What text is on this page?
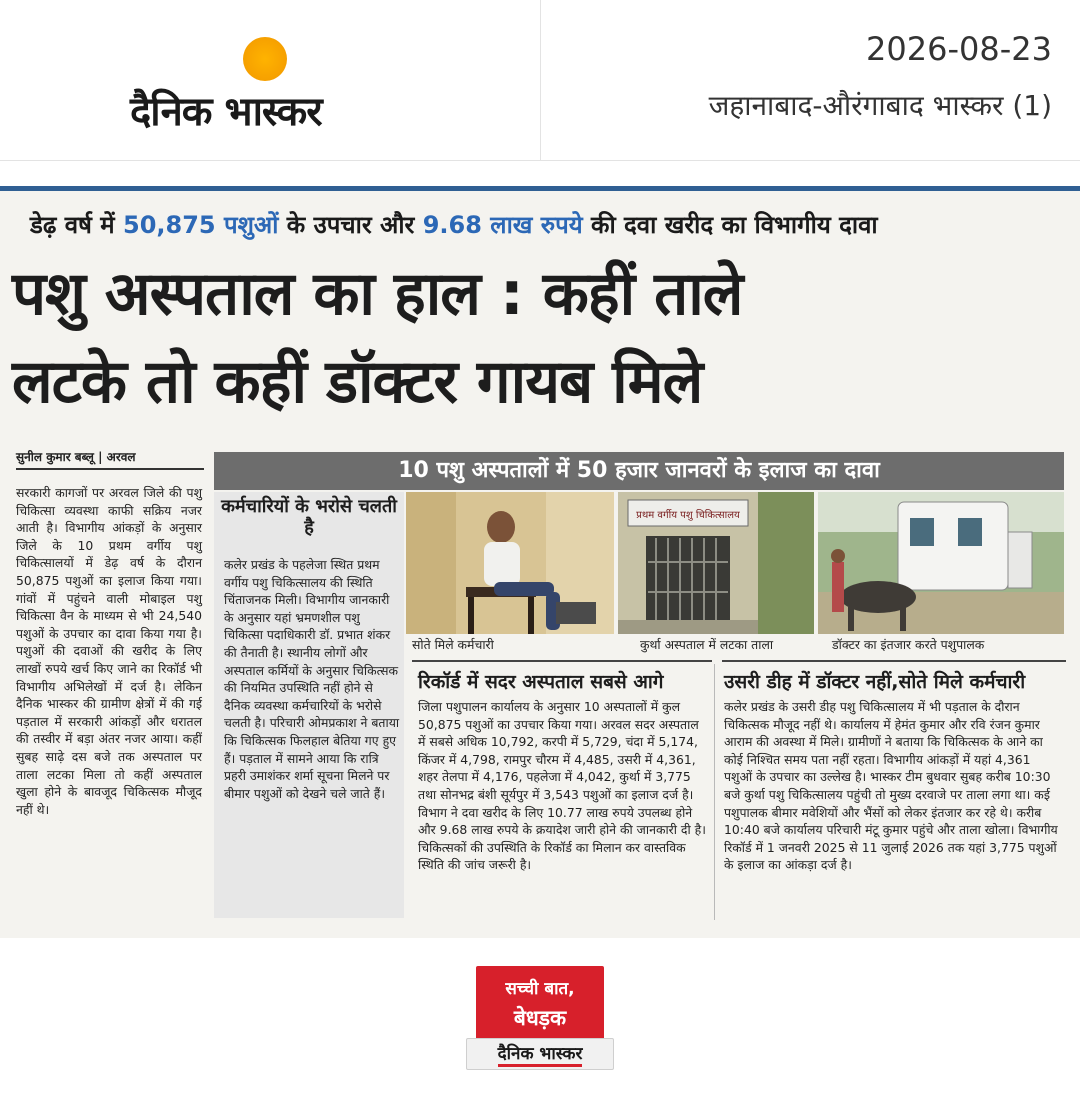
दैनिक भास्कर
2026-08-23
जहानाबाद-औरंगाबाद भास्कर (1)
डेढ़ वर्ष में 50,875 पशुओं के उपचार और 9.68 लाख रुपये की दवा खरीद का विभागीय दावा
पशु अस्पताल का हाल : कहीं ताले
लटके तो कहीं डॉक्टर गायब मिले
सुनील कुमार बब्लू | अरवल
सरकारी कागजों पर अरवल जिले की पशु चिकित्सा व्यवस्था काफी सक्रिय नजर आती है। विभागीय आंकड़ों के अनुसार जिले के 10 प्रथम वर्गीय पशु चिकित्सालयों में डेढ़ वर्ष के दौरान 50,875 पशुओं का इलाज किया गया। गांवों में पहुंचने वाली मोबाइल पशु चिकित्सा वैन के माध्यम से भी 24,540 पशुओं के उपचार का दावा किया गया है। पशुओं की दवाओं की खरीद के लिए लाखों रुपये खर्च किए जाने का रिकॉर्ड भी विभागीय अभिलेखों में दर्ज है। लेकिन दैनिक भास्कर की ग्रामीण क्षेत्रों में की गई पड़ताल में सरकारी आंकड़ों और धरातल की तस्वीर में बड़ा अंतर नजर आया। कहीं सुबह साढ़े दस बजे तक अस्पताल पर ताला लटका मिला तो कहीं अस्पताल खुला होने के बावजूद चिकित्सक मौजूद नहीं थे।
10 पशु अस्पतालों में 50 हजार जानवरों के इलाज का दावा
कर्मचारियों के भरोसे चलती है
कलेर प्रखंड के पहलेजा स्थित प्रथम वर्गीय पशु चिकित्सालय की स्थिति चिंताजनक मिली। विभागीय जानकारी के अनुसार यहां भ्रमणशील पशु चिकित्सा पदाधिकारी डॉ. प्रभात शंकर की तैनाती है। स्थानीय लोगों और अस्पताल कर्मियों के अनुसार चिकित्सक की नियमित उपस्थिति नहीं होने से दैनिक व्यवस्था कर्मचारियों के भरोसे चलती है। परिचारी ओमप्रकाश ने बताया कि चिकित्सक फिलहाल बेतिया गए हुए हैं। पड़ताल में सामने आया कि रात्रि प्रहरी उमाशंकर शर्मा सूचना मिलने पर बीमार पशुओं को देखने चले जाते हैं।
प्रथम वर्गीय पशु चिकित्सालय
सोते मिले कर्मचारी	कुर्था अस्पताल में लटका ताला	डॉक्टर का इंतजार करते पशुपालक
रिकॉर्ड में सदर अस्पताल सबसे आगे
जिला पशुपालन कार्यालय के अनुसार 10 अस्पतालों में कुल 50,875 पशुओं का उपचार किया गया। अरवल सदर अस्पताल में सबसे अधिक 10,792, करपी में 5,729, चंदा में 5,174, किंजर में 4,798, रामपुर चौरम में 4,485, उसरी में 4,361, शहर तेलपा में 4,176, पहलेजा में 4,042, कुर्था में 3,775 तथा सोनभद्र बंशी सूर्यपुर में 3,543 पशुओं का इलाज दर्ज है। विभाग ने दवा खरीद के लिए 10.77 लाख रुपये उपलब्ध होने और 9.68 लाख रुपये के क्रयादेश जारी होने की जानकारी दी है। चिकित्सकों की उपस्थिति के रिकॉर्ड का मिलान कर वास्तविक स्थिति की जांच जरूरी है।
उसरी डीह में डॉक्टर नहीं,सोते मिले कर्मचारी
कलेर प्रखंड के उसरी डीह पशु चिकित्सालय में भी पड़ताल के दौरान चिकित्सक मौजूद नहीं थे। कार्यालय में हेमंत कुमार और रवि रंजन कुमार आराम की अवस्था में मिले। ग्रामीणों ने बताया कि चिकित्सक के आने का कोई निश्चित समय पता नहीं रहता। विभागीय आंकड़ों में यहां 4,361 पशुओं के उपचार का उल्लेख है। भास्कर टीम बुधवार सुबह करीब 10:30 बजे कुर्था पशु चिकित्सालय पहुंची तो मुख्य दरवाजे पर ताला लगा था। कई पशुपालक बीमार मवेशियों और भैंसों को लेकर इंतजार कर रहे थे। करीब 10:40 बजे कार्यालय परिचारी मंटू कुमार पहुंचे और ताला खोला। विभागीय रिकॉर्ड में 1 जनवरी 2025 से 11 जुलाई 2026 तक यहां 3,775 पशुओं के इलाज का आंकड़ा दर्ज है।
सच्ची बात,
बेधड़क
दैनिक भास्कर
